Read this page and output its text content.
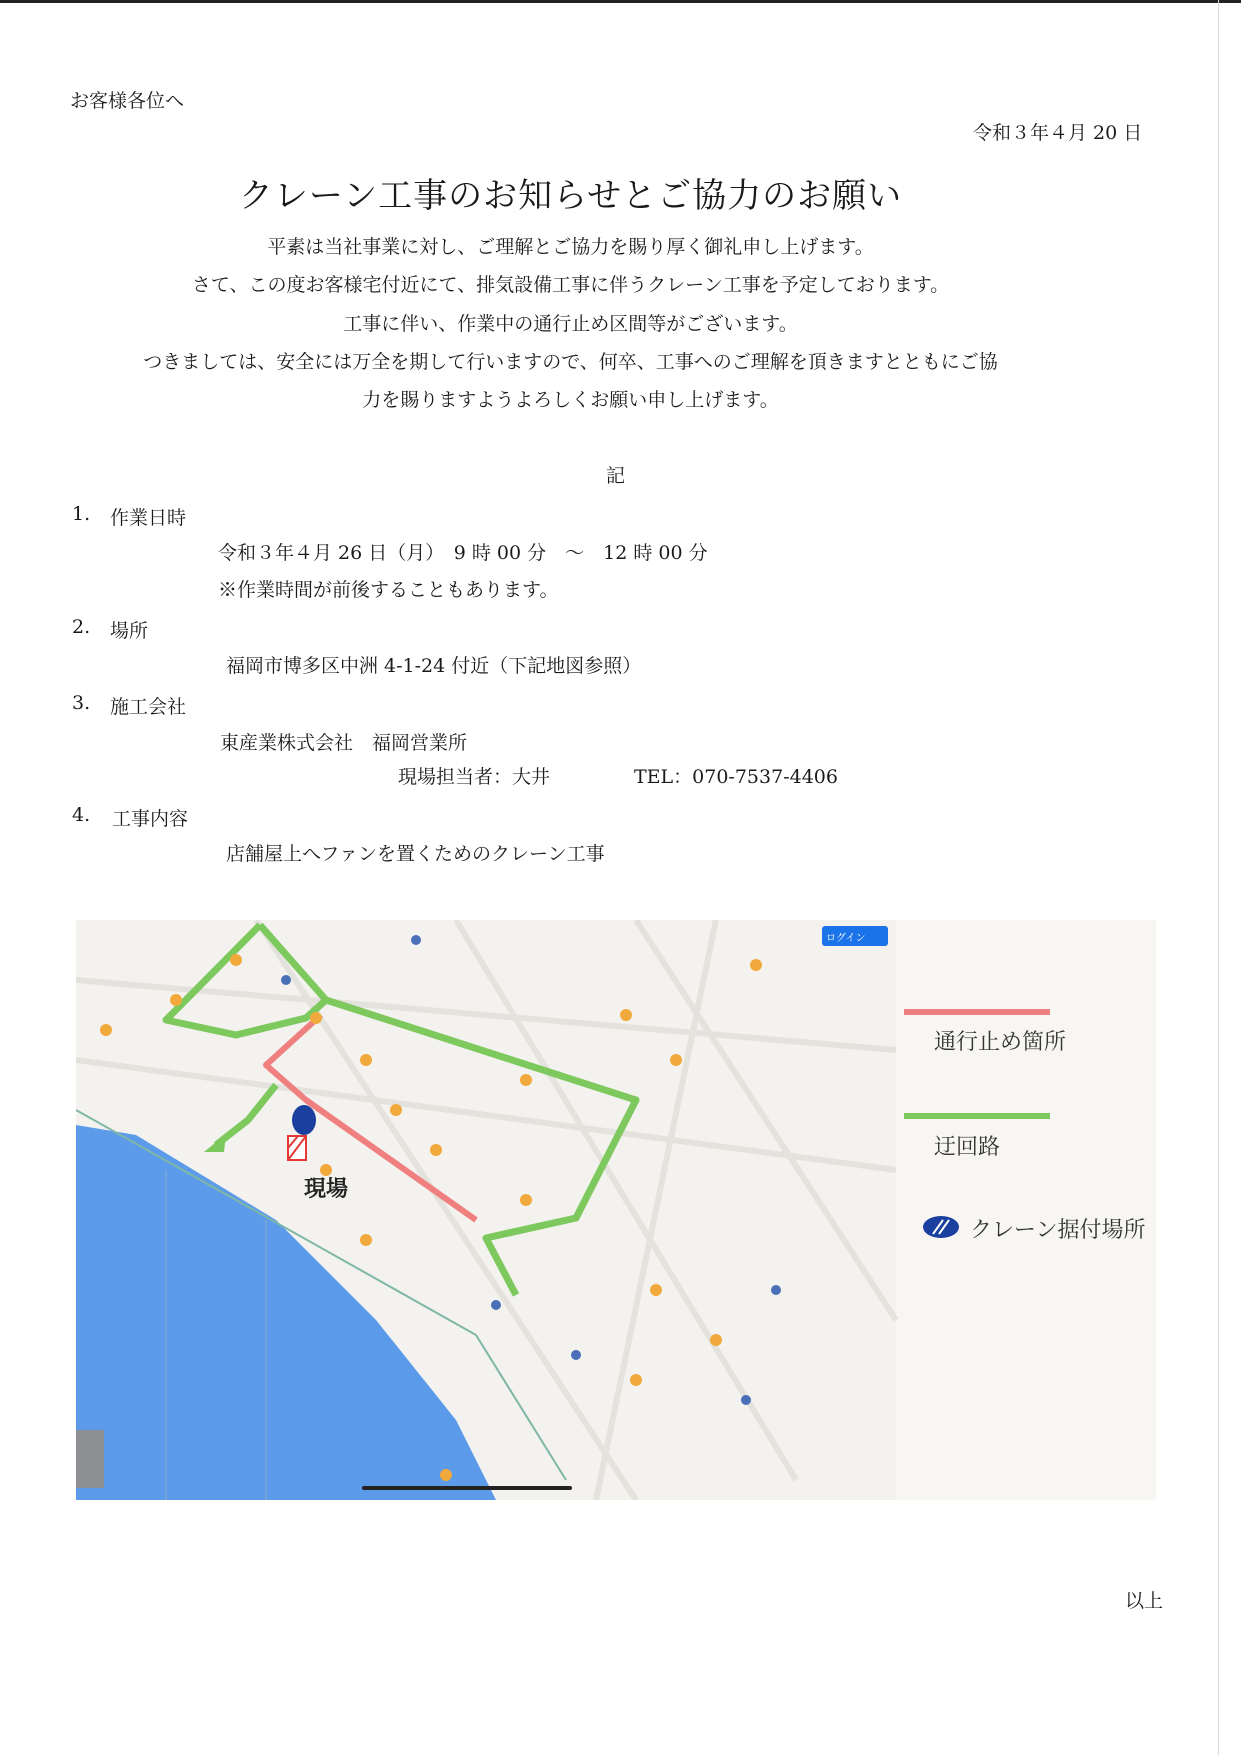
お客様各位へ
令和３年４月 20 日
クレーン工事のお知らせとご協力のお願い
平素は当社事業に対し、ご理解とご協力を賜り厚く御礼申し上げます。
さて、この度お客様宅付近にて、排気設備工事に伴うクレーン工事を予定しております。
工事に伴い、作業中の通行止め区間等がございます。
つきましては、安全には万全を期して行いますので、何卒、工事へのご理解を頂きますとともにご協
力を賜りますようよろしくお願い申し上げます。
記
1. 作業日時
令和３年４月 26 日（月）　9 時 00 分　～　12 時 00 分
※作業時間が前後することもあります。
2. 場所
福岡市博多区中洲 4-1-24 付近（下記地図参照）
3. 施工会社
東産業株式会社　福岡営業所
現場担当者：大井	TEL：070-7537-4406
4. 工事内容
店舗屋上へファンを置くためのクレーン工事
現場
ログイン
通行止め箇所
迂回路
クレーン据付場所
以上
